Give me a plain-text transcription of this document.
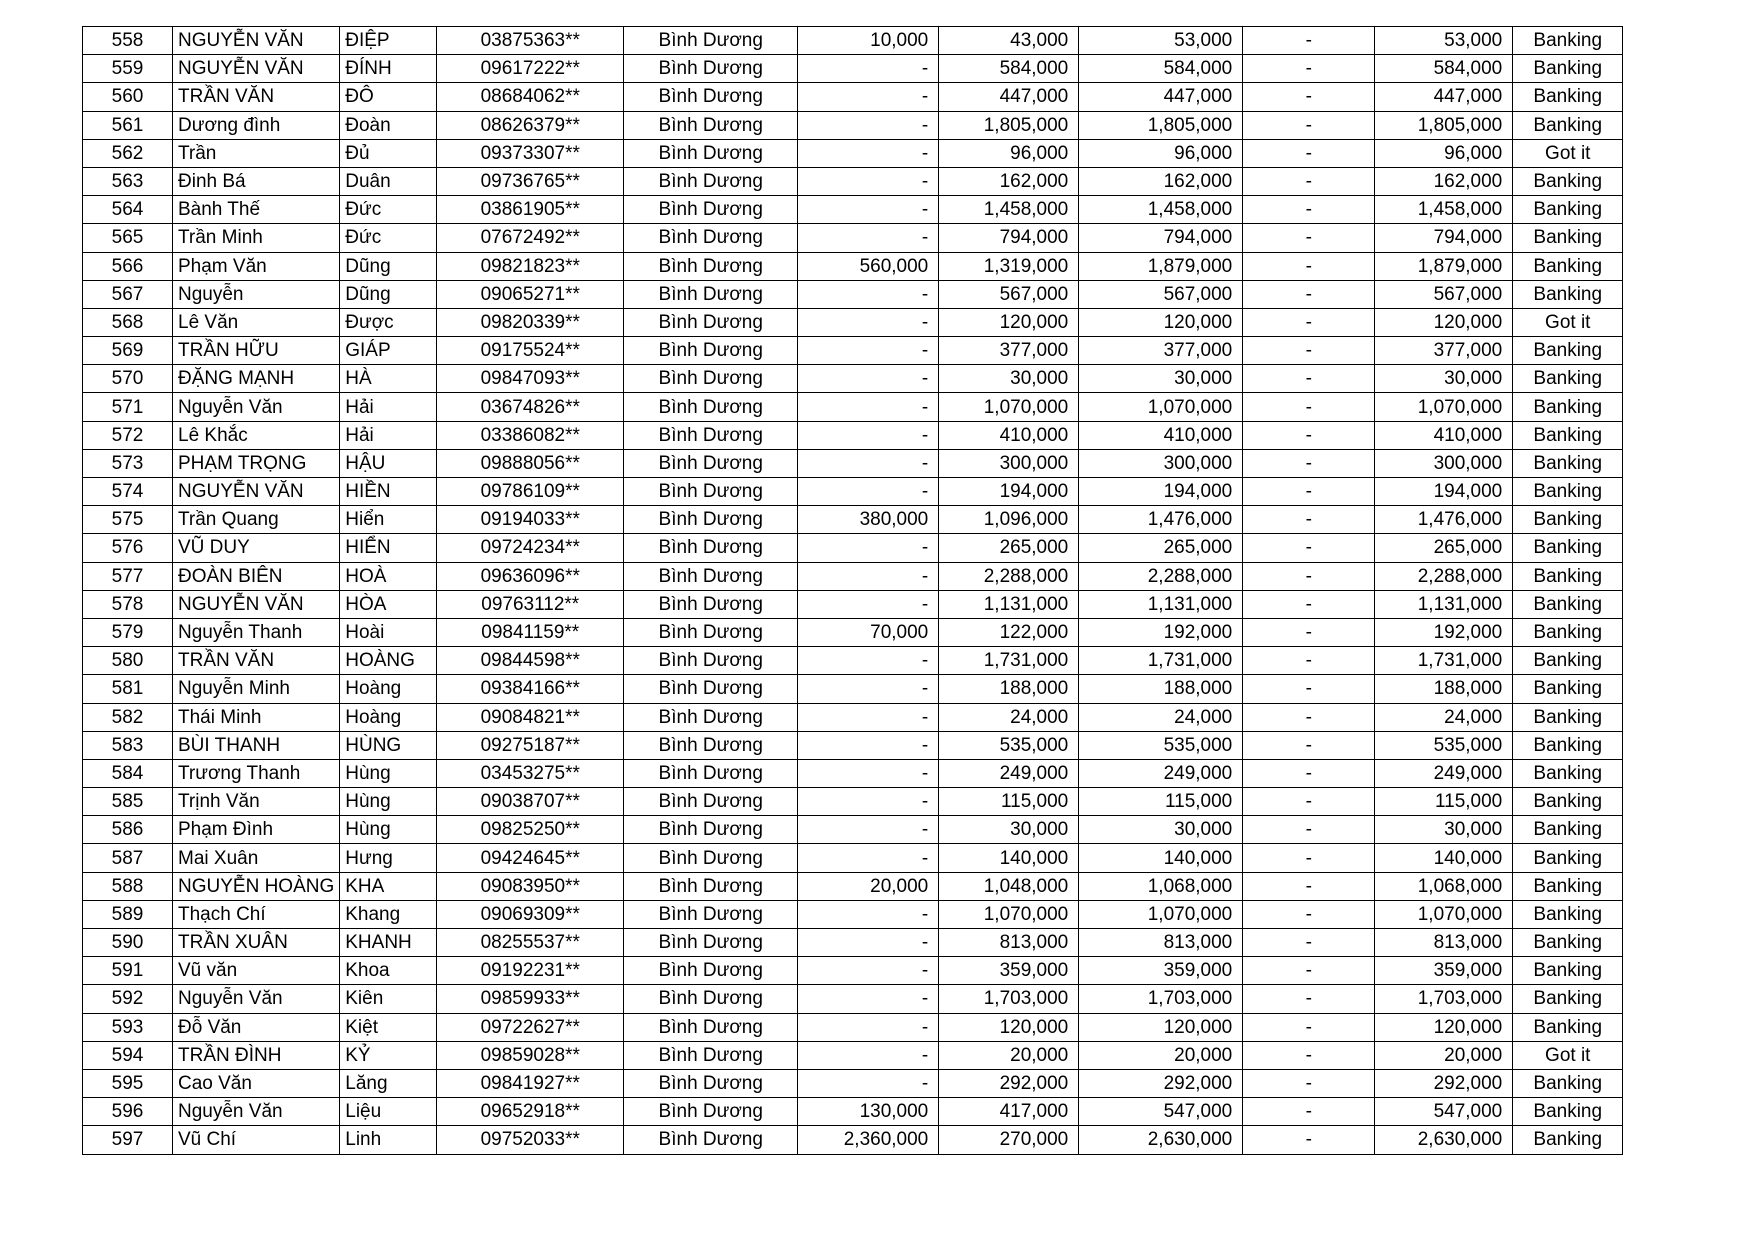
558	NGUYỄN VĂN	ĐIỆP	03875363**	Bình Dương	10,000	43,000	53,000	-	53,000	Banking
559	NGUYỄN VĂN	ĐÍNH	09617222**	Bình Dương	-	584,000	584,000	-	584,000	Banking
560	TRẦN VĂN	ĐÔ	08684062**	Bình Dương	-	447,000	447,000	-	447,000	Banking
561	Dương đình	Đoàn	08626379**	Bình Dương	-	1,805,000	1,805,000	-	1,805,000	Banking
562	Trần	Đủ	09373307**	Bình Dương	-	96,000	96,000	-	96,000	Got it
563	Đinh Bá	Duân	09736765**	Bình Dương	-	162,000	162,000	-	162,000	Banking
564	Bành Thế	Đức	03861905**	Bình Dương	-	1,458,000	1,458,000	-	1,458,000	Banking
565	Trần Minh	Đức	07672492**	Bình Dương	-	794,000	794,000	-	794,000	Banking
566	Phạm Văn	Dũng	09821823**	Bình Dương	560,000	1,319,000	1,879,000	-	1,879,000	Banking
567	Nguyễn	Dũng	09065271**	Bình Dương	-	567,000	567,000	-	567,000	Banking
568	Lê Văn	Được	09820339**	Bình Dương	-	120,000	120,000	-	120,000	Got it
569	TRẦN HỮU	GIÁP	09175524**	Bình Dương	-	377,000	377,000	-	377,000	Banking
570	ĐẶNG MẠNH	HÀ	09847093**	Bình Dương	-	30,000	30,000	-	30,000	Banking
571	Nguyễn Văn	Hải	03674826**	Bình Dương	-	1,070,000	1,070,000	-	1,070,000	Banking
572	Lê Khắc	Hải	03386082**	Bình Dương	-	410,000	410,000	-	410,000	Banking
573	PHẠM TRỌNG	HẬU	09888056**	Bình Dương	-	300,000	300,000	-	300,000	Banking
574	NGUYỄN VĂN	HIỀN	09786109**	Bình Dương	-	194,000	194,000	-	194,000	Banking
575	Trần Quang	Hiển	09194033**	Bình Dương	380,000	1,096,000	1,476,000	-	1,476,000	Banking
576	VŨ DUY	HIỂN	09724234**	Bình Dương	-	265,000	265,000	-	265,000	Banking
577	ĐOÀN BIÊN	HOÀ	09636096**	Bình Dương	-	2,288,000	2,288,000	-	2,288,000	Banking
578	NGUYỄN VĂN	HÒA	09763112**	Bình Dương	-	1,131,000	1,131,000	-	1,131,000	Banking
579	Nguyễn Thanh	Hoài	09841159**	Bình Dương	70,000	122,000	192,000	-	192,000	Banking
580	TRẦN VĂN	HOÀNG	09844598**	Bình Dương	-	1,731,000	1,731,000	-	1,731,000	Banking
581	Nguyễn Minh	Hoàng	09384166**	Bình Dương	-	188,000	188,000	-	188,000	Banking
582	Thái Minh	Hoàng	09084821**	Bình Dương	-	24,000	24,000	-	24,000	Banking
583	BÙI THANH	HÙNG	09275187**	Bình Dương	-	535,000	535,000	-	535,000	Banking
584	Trương Thanh	Hùng	03453275**	Bình Dương	-	249,000	249,000	-	249,000	Banking
585	Trịnh Văn	Hùng	09038707**	Bình Dương	-	115,000	115,000	-	115,000	Banking
586	Phạm Đình	Hùng	09825250**	Bình Dương	-	30,000	30,000	-	30,000	Banking
587	Mai Xuân	Hưng	09424645**	Bình Dương	-	140,000	140,000	-	140,000	Banking
588	NGUYỄN HOÀNG	KHA	09083950**	Bình Dương	20,000	1,048,000	1,068,000	-	1,068,000	Banking
589	Thạch Chí	Khang	09069309**	Bình Dương	-	1,070,000	1,070,000	-	1,070,000	Banking
590	TRẦN XUÂN	KHANH	08255537**	Bình Dương	-	813,000	813,000	-	813,000	Banking
591	Vũ văn	Khoa	09192231**	Bình Dương	-	359,000	359,000	-	359,000	Banking
592	Nguyễn Văn	Kiên	09859933**	Bình Dương	-	1,703,000	1,703,000	-	1,703,000	Banking
593	Đỗ Văn	Kiệt	09722627**	Bình Dương	-	120,000	120,000	-	120,000	Banking
594	TRẦN ĐÌNH	KỶ	09859028**	Bình Dương	-	20,000	20,000	-	20,000	Got it
595	Cao Văn	Lăng	09841927**	Bình Dương	-	292,000	292,000	-	292,000	Banking
596	Nguyễn Văn	Liệu	09652918**	Bình Dương	130,000	417,000	547,000	-	547,000	Banking
597	Vũ Chí	Linh	09752033**	Bình Dương	2,360,000	270,000	2,630,000	-	2,630,000	Banking
